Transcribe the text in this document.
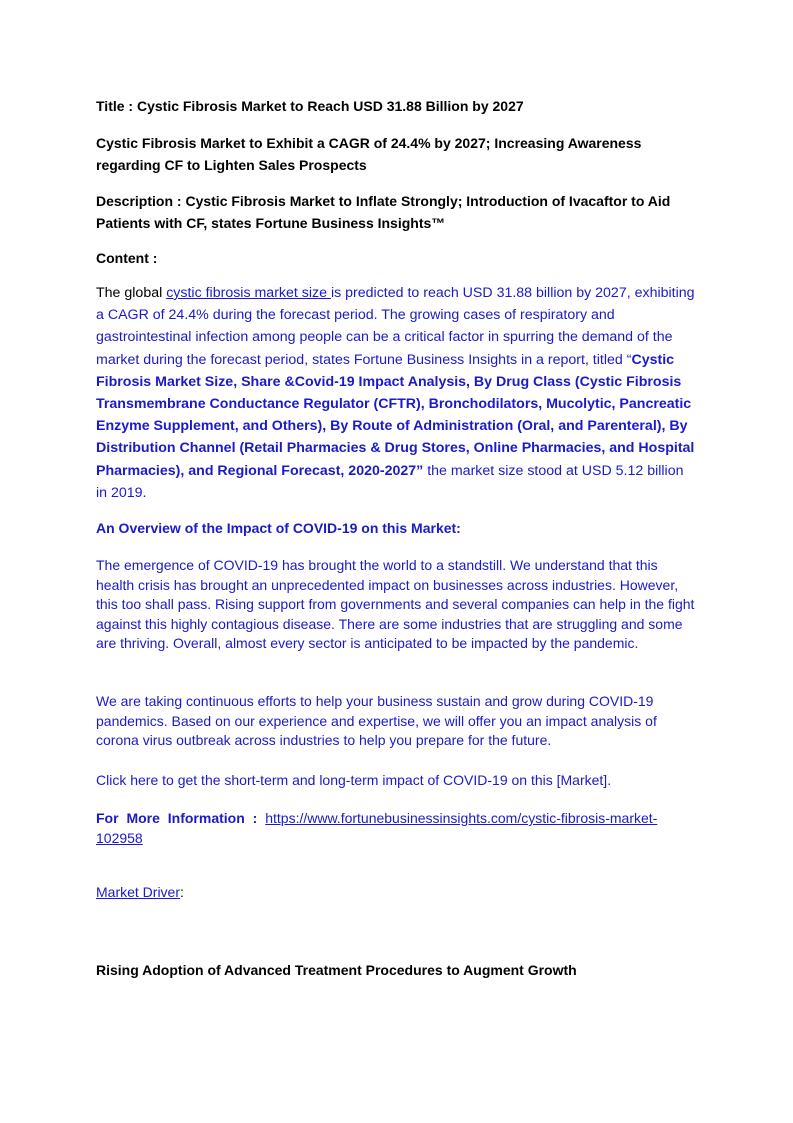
Title : Cystic Fibrosis Market to Reach USD 31.88 Billion by 2027

Cystic Fibrosis Market to Exhibit a CAGR of 24.4% by 2027; Increasing Awareness regarding CF to Lighten Sales Prospects

Description : Cystic Fibrosis Market to Inflate Strongly; Introduction of Ivacaftor to Aid Patients with CF, states Fortune Business Insights™

Content :

The global cystic fibrosis market size is predicted to reach USD 31.88 billion by 2027, exhibiting a CAGR of 24.4% during the forecast period. The growing cases of respiratory and gastrointestinal infection among people can be a critical factor in spurring the demand of the market during the forecast period, states Fortune Business Insights in a report, titled “Cystic Fibrosis Market Size, Share &Covid-19 Impact Analysis, By Drug Class (Cystic Fibrosis Transmembrane Conductance Regulator (CFTR), Bronchodilators, Mucolytic, Pancreatic Enzyme Supplement, and Others), By Route of Administration (Oral, and Parenteral), By Distribution Channel (Retail Pharmacies & Drug Stores, Online Pharmacies, and Hospital Pharmacies), and Regional Forecast, 2020-2027” the market size stood at USD 5.12 billion in 2019.

An Overview of the Impact of COVID-19 on this Market:

The emergence of COVID-19 has brought the world to a standstill. We understand that this health crisis has brought an unprecedented impact on businesses across industries. However, this too shall pass. Rising support from governments and several companies can help in the fight against this highly contagious disease. There are some industries that are struggling and some are thriving. Overall, almost every sector is anticipated to be impacted by the pandemic.

We are taking continuous efforts to help your business sustain and grow during COVID-19 pandemics. Based on our experience and expertise, we will offer you an impact analysis of corona virus outbreak across industries to help you prepare for the future.

Click here to get the short-term and long-term impact of COVID-19 on this [Market].

For More Information : https://www.fortunebusinessinsights.com/cystic-fibrosis-market- 102958

Market Driver:

Rising Adoption of Advanced Treatment Procedures to Augment Growth
